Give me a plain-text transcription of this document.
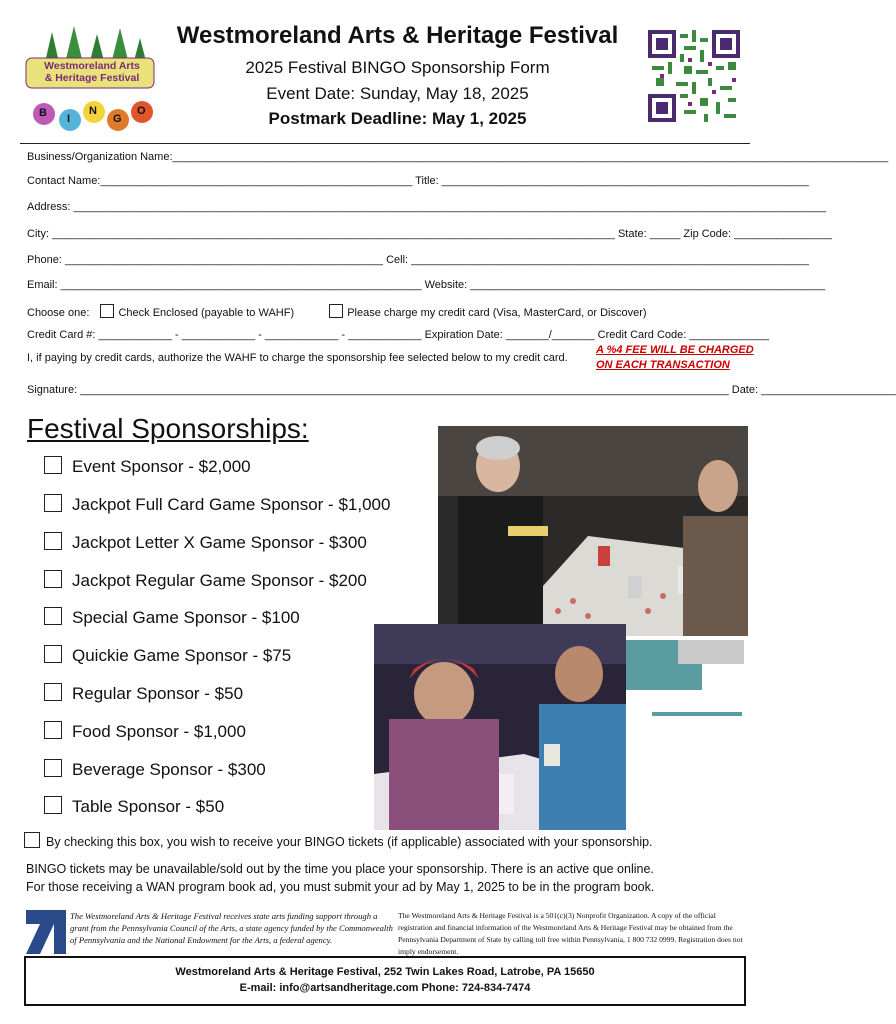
Westmoreland Arts
& Heritage Festival
B I
N
G
O
Westmoreland Arts & Heritage Festival
2025 Festival BINGO Sponsorship Form
Event Date: Sunday, May 18, 2025
Postmark Deadline: May 1, 2025
Business/Organization Name:_____________________________________________________________________________________________________________________
Contact Name:___________________________________________________ Title: ____________________________________________________________
Address: ___________________________________________________________________________________________________________________________
City: ____________________________________________________________________________________________ State: _____ Zip Code: ________________
Phone: ____________________________________________________ Cell: _________________________________________________________________
Email: ___________________________________________________________ Website: __________________________________________________________
Choose one:	Check Enclosed (payable to WAHF)	Please charge my credit card (Visa, MasterCard, or Discover)
Credit Card #: ____________ - ____________ - ____________ - ____________ Expiration Date: _______/_______ Credit Card Code: _____________
I, if paying by credit cards, authorize the WAHF to charge the sponsorship fee selected below to my credit card.
A %4 FEE WILL BE CHARGED
ON EACH TRANSACTION
Signature: __________________________________________________________________________________________________________ Date: ______________________
Festival Sponsorships:
Event Sponsor - $2,000
Jackpot Full Card Game Sponsor - $1,000
Jackpot Letter X Game Sponsor - $300
Jackpot Regular Game Sponsor - $200
Special Game Sponsor - $100
Quickie Game Sponsor - $75
Regular Sponsor - $50
Food Sponsor - $1,000
Beverage Sponsor - $300
Table Sponsor - $50
By checking this box, you wish to receive your BINGO tickets (if applicable) associated with your sponsorship.
BINGO tickets may be unavailable/sold out by the time you place your sponsorship. There is an active que online.
For those receiving a WAN program book ad, you must submit your ad by May 1, 2025 to be in the program book.
The Westmoreland Arts & Heritage Festival receives state arts funding support through a
grant from the Pennsylvania Council of the Arts, a state agency funded by the Commonwealth
of Pennsylvania and the National Endowment for the Arts, a federal agency.
The Westmoreland Arts & Heritage Festival is a 501(c)(3) Nonprofit Organization. A copy of the official
registration and financial information of the Westmoreland Arts & Heritage Festival may be obtained from the
Pennsylvania Department of State by calling toll free within Pennsylvania, 1 800 732 0999. Registration does not
imply endorsement.
Westmoreland Arts & Heritage Festival, 252 Twin Lakes Road, Latrobe, PA 15650
E-mail: info@artsandheritage.com Phone: 724-834-7474
